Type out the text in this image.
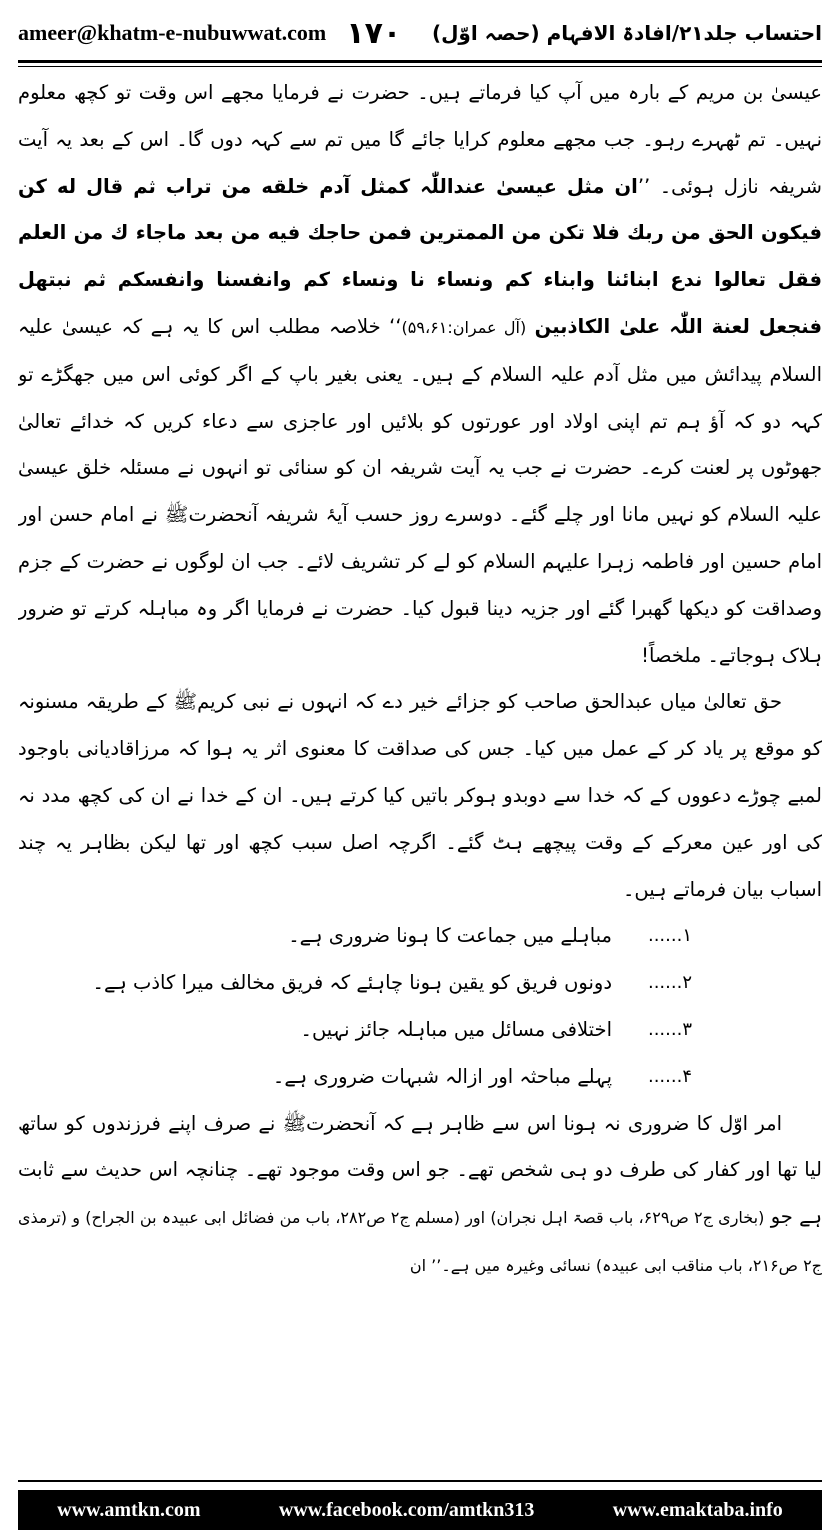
ameer@khatm-e-nubuwwat.com ١٧٠ احتساب جلد۲۱/افادۃ الافہام (حصہ اوّل)

عیسیٰ بن مریم کے بارہ میں آپ کیا فرماتے ہیں۔ حضرت نے فرمایا مجھے اس وقت تو کچھ معلوم نہیں۔ تم ٹھہرے رہو۔ جب مجھے معلوم کرایا جائے گا میں تم سے کہہ دوں گا۔ اس کے بعد یہ آیت شریفہ نازل ہوئی۔ ’’ان مثل عیسیٰ عنداللّٰہ کمثل آدم خلقه من تراب ثم قال له کن فیکون الحق من ربك فلا تکن من الممترین فمن حاجك فیه من بعد ماجاء ك من العلم فقل تعالوا ندع ابنائنا وابناء کم ونساء نا ونساء کم وانفسنا وانفسکم ثم نبتهل فنجعل لعنة اللّٰہ علیٰ الکاذبین (آل عمران:۵۹،۶۱)‘‘ خلاصہ مطلب اس کا یہ ہے کہ عیسیٰ علیہ السلام پیدائش میں مثل آدم علیہ السلام کے ہیں۔ یعنی بغیر باپ کے اگر کوئی اس میں جھگڑے تو کہہ دو کہ آؤ ہم تم اپنی اولاد اور عورتوں کو بلائیں اور عاجزی سے دعاء کریں کہ خدائے تعالیٰ جھوٹوں پر لعنت کرے۔ حضرت نے جب یہ آیت شریفہ ان کو سنائی تو انہوں نے مسئلہ خلق عیسیٰ علیہ السلام کو نہیں مانا اور چلے گئے۔ دوسرے روز حسب آیۂ شریفہ آنحضرتﷺ نے امام حسن اور امام حسین اور فاطمہ زہرا علیہم السلام کو لے کر تشریف لائے۔ جب ان لوگوں نے حضرت کے جزم وصداقت کو دیکھا گھبرا گئے اور جزیہ دینا قبول کیا۔ حضرت نے فرمایا اگر وہ مباہلہ کرتے تو ضرور ہلاک ہوجاتے۔ ملخصاً!

حق تعالیٰ میاں عبدالحق صاحب کو جزائے خیر دے کہ انہوں نے نبی کریمﷺ کے طریقہ مسنونہ کو موقع پر یاد کر کے عمل میں کیا۔ جس کی صداقت کا معنوی اثر یہ ہوا کہ مرزاقادیانی باوجود لمبے چوڑے دعووں کے کہ خدا سے دوبدو ہوکر باتیں کیا کرتے ہیں۔ ان کے خدا نے ان کی کچھ مدد نہ کی اور عین معرکے کے وقت پیچھے ہٹ گئے۔ اگرچہ اصل سبب کچھ اور تھا لیکن بظاہر یہ چند اسباب بیان فرماتے ہیں۔

۱......
مباہلے میں جماعت کا ہونا ضروری ہے۔
۲......
دونوں فریق کو یقین ہونا چاہئے کہ فریق مخالف میرا کاذب ہے۔
۳......
اختلافی مسائل میں مباہلہ جائز نہیں۔
۴......
پہلے مباحثہ اور ازالہ شبہات ضروری ہے۔

امر اوّل کا ضروری نہ ہونا اس سے ظاہر ہے کہ آنحضرتﷺ نے صرف اپنے فرزندوں کو ساتھ لیا تھا اور کفار کی طرف دو ہی شخص تھے۔ جو اس وقت موجود تھے۔ چنانچہ اس حدیث سے ثابت ہے جو (بخاری ج۲ ص۶۲۹، باب قصۃ اہل نجران) اور (مسلم ج۲ ص۲۸۲، باب من فضائل ابی عبیدہ بن الجراح) و (ترمذی ج۲ ص۲۱۶، باب مناقب ابی عبیدہ) نسائی وغیرہ میں ہے۔’’ ان

www.amtkn.com	www.facebook.com/amtkn313	www.emaktaba.info
